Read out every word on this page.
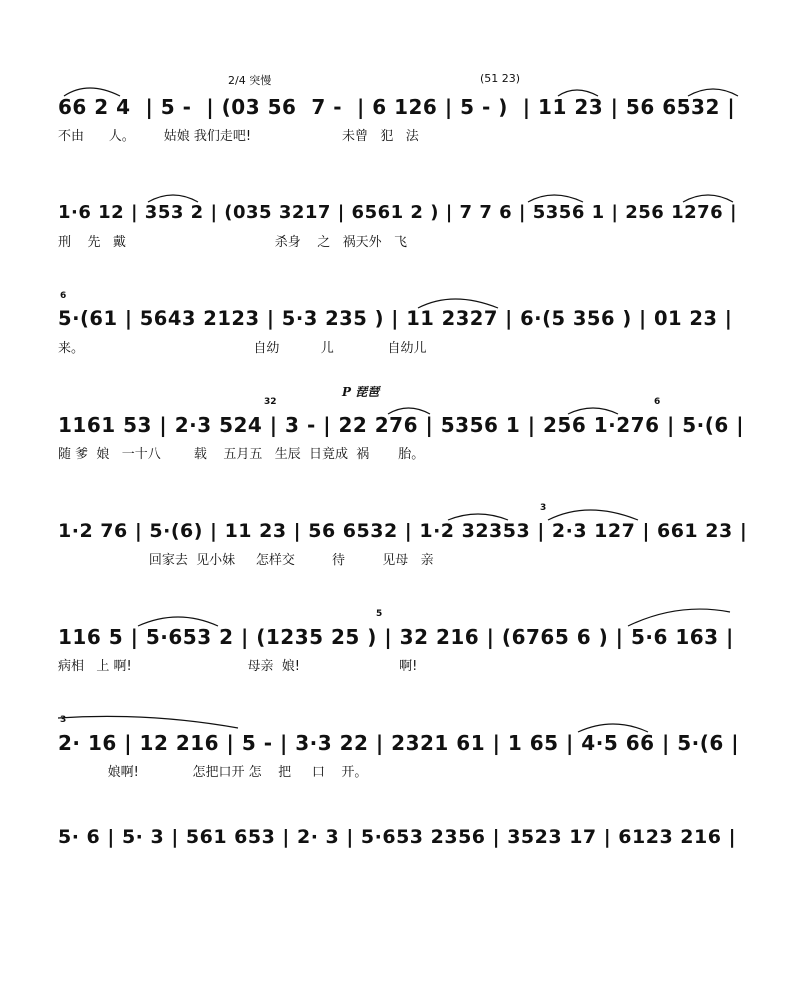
2/4 突慢	(51 23)
P 琵琶
66 2 4  | 5 -  | (03 56  7 -  | 6 126 | 5 - )  | 11 23 | 56 6532 |
不由      人。       姑娘 我们走吧!                      未曾   犯   法
1·6 12 | 353 2 | (035 3217 | 6561 2 ) | 7 7 6 | 5356 1 | 256 1276 |
刑    先   戴                                    杀身    之   祸天外   飞
6
5·(61 | 5643 2123 | 5·3 235 ) | 11 2327 | 6·(5 356 ) | 01 23 |
来。                                         自幼          儿             自幼儿
32	6
1161 53 | 2·3 524 | 3 - | 22 276 | 5356 1 | 256 1·276 | 5·(6 |
随 爹  娘   一十八        载    五月五   生辰  日竟成  祸       胎。
3
1·2 76 | 5·(6) | 11 23 | 56 6532 | 1·2 32353 | 2·3 127 | 661 23 |
回家去  见小妹     怎样交         待         见母   亲
5
116 5 | 5·653 2 | (1235 25 ) | 32 216 | (6765 6 ) | 5·6 163 |
病相   上 啊!                            母亲  娘!                        啊!
3
2· 16 | 12 216 | 5 - | 3·3 22 | 2321 61 | 1 65 | 4·5 66 | 5·(6 |
娘啊!             怎把口开 怎    把     口    开。
5· 6 | 5· 3 | 561 653 | 2· 3 | 5·653 2356 | 3523 17 | 6123 216 |
